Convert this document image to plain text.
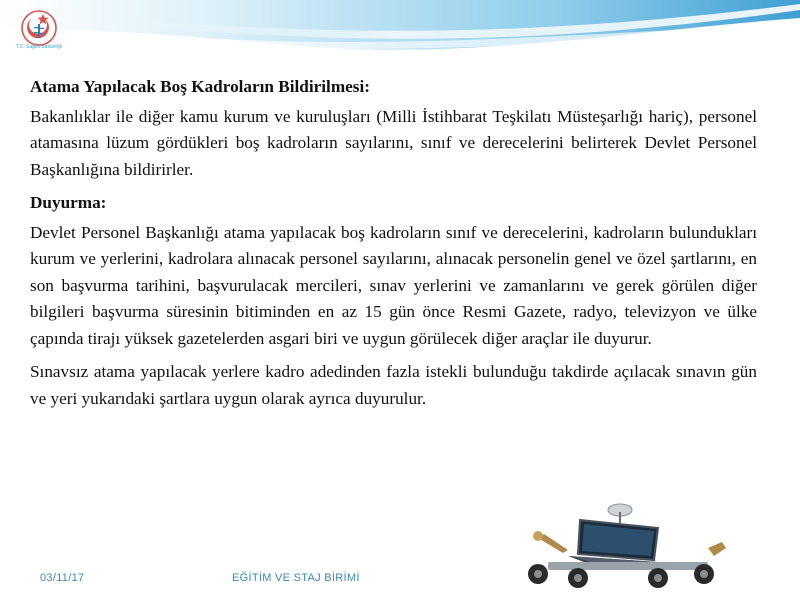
T.C. Sağlık Bakanlığı

Atama Yapılacak Boş Kadroların Bildirilmesi:

Bakanlıklar ile diğer kamu kurum ve kuruluşları (Milli İstihbarat Teşkilatı Müsteşarlığı hariç), personel atamasına lüzum gördükleri boş kadroların sayılarını, sınıf ve derecelerini belirterek Devlet Personel Başkanlığına bildirirler.

Duyurma:

Devlet Personel Başkanlığı atama yapılacak boş kadroların sınıf ve derecelerini, kadroların bulundukları kurum ve yerlerini, kadrolara alınacak personel sayılarını, alınacak personelin genel ve özel şartlarını, en son başvurma tarihini, başvurulacak mercileri, sınav yerlerini ve zamanlarını ve gerek görülen diğer bilgileri başvurma süresinin bitiminden en az 15 gün önce Resmi Gazete, radyo, televizyon ve ülke çapında tirajı yüksek gazetelerden asgari biri ve uygun görülecek diğer araçlar ile duyurur.

Sınavsız atama yapılacak yerlere kadro adedinden fazla istekli bulunduğu takdirde açılacak sınavın gün ve yeri yukarıdaki şartlara uygun olarak ayrıca duyurulur.

03/11/17	EĞİTİM VE STAJ BİRİMİ
